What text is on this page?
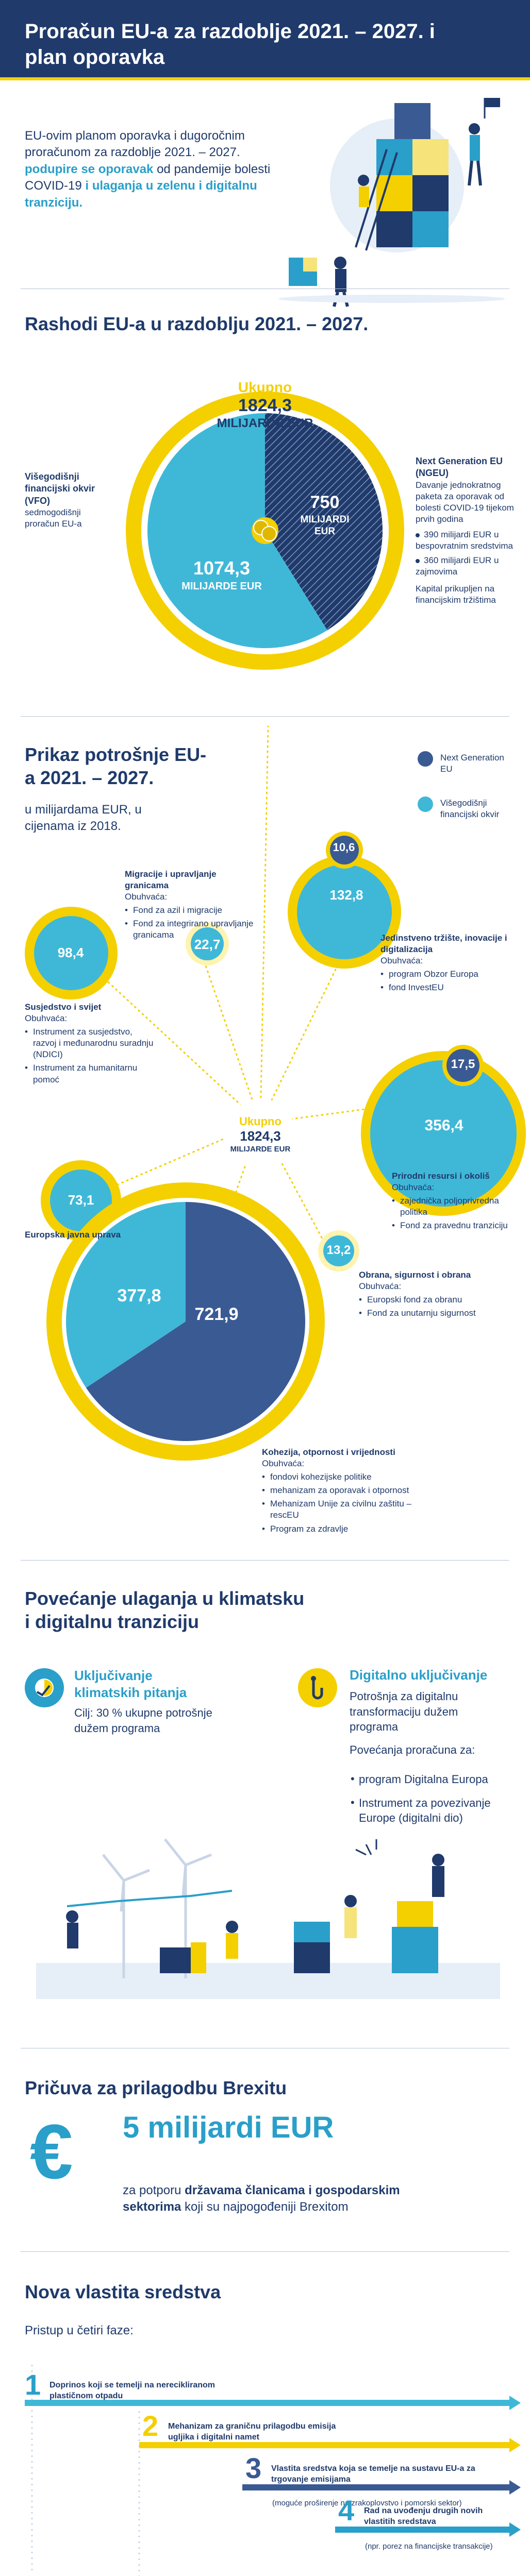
Proračun EU-a za razdoblje 2021. – 2027. i plan oporavka
EU-ovim planom oporavka i dugoročnim proračunom za razdoblje 2021. – 2027. podupire se oporavak od pandemije bolesti COVID-19 i ulaganja u zelenu i digitalnu tranziciju.
Rashodi EU-a u razdoblju 2021. – 2027.
Ukupno
1824,3
MILIJARDE EUR
1074,3
MILIJARDE EUR
750
MILIJARDI EUR
Višegodišnji financijski okvir (VFO)
sedmogodišnji proračun EU-a
Next Generation EU (NGEU)
Davanje jednokratnog paketa za oporavak od bolesti COVID-19 tijekom prvih godina
390 milijardi EUR u bespovratnim sredstvima
360 milijardi EUR u zajmovima
Kapital prikupljen na financijskim tržištima
Prikaz potrošnje EU-a 2021. – 2027.
u milijardama EUR, u cijenama iz 2018.
Next Generation EU
Višegodišnji financijski okvir
Ukupno
1824,3
MILIJARDE EUR
22,7
10,6
132,8
98,4
17,5
356,4
73,1
13,2
377,8
721,9
Migracije i upravljanje granicama
Obuhvaća:
• Fond za azil i migracije
• Fond za integrirano upravljanje granicama	Jedinstveno tržište, inovacije i digitalizacija
Obuhvaća:
• program Obzor Europa
• fond InvestEU
Susjedstvo i svijet
Obuhvaća:
• Instrument za susjedstvo, razvoj i međunarodnu suradnju (NDICI)
• Instrument za humanitarnu pomoć
Prirodni resursi i okoliš
Obuhvaća:
• zajednička poljoprivredna politika
• Fond za pravednu tranziciju
Europska javna uprava
Obrana, sigurnost i obrana
Obuhvaća:
• Europski fond za obranu
• Fond za unutarnju sigurnost
Kohezija, otpornost i vrijednosti
Obuhvaća:
• fondovi kohezijske politike
• mehanizam za oporavak i otpornost
• Mehanizam Unije za civilnu zaštitu – rescEU
• Program za zdravlje
Povećanje ulaganja u klimatsku i digitalnu tranziciju
Uključivanje klimatskih pitanja
Cilj: 30 % ukupne potrošnje dužem programa
Digitalno uključivanje
Potrošnja za digitalnu transformaciju dužem programa
Povećanja proračuna za:
program Digitalna Europa
Instrument za povezivanje Europe (digitalni dio)
•
•
Pričuva za prilagodbu Brexitu
€ 5 milijardi EUR
za potporu državama članicama i gospodarskim sektorima koji su najpogođeniji Brexitom
Nova vlastita sredstva
Pristup u četiri faze:
1 Doprinos koji se temelji na nerecikliranom plastičnom otpadu
2 Mehanizam za graničnu prilagodbu emisija ugljika i digitalni namet
3 Vlastita sredstva koja se temelje na sustavu EU-a za trgovanje emisijama
(moguće proširenje na zrakoplovstvo i pomorski sektor)
4 Rad na uvođenju drugih novih vlastitih sredstava
(npr. porez na financijske transakcije)
